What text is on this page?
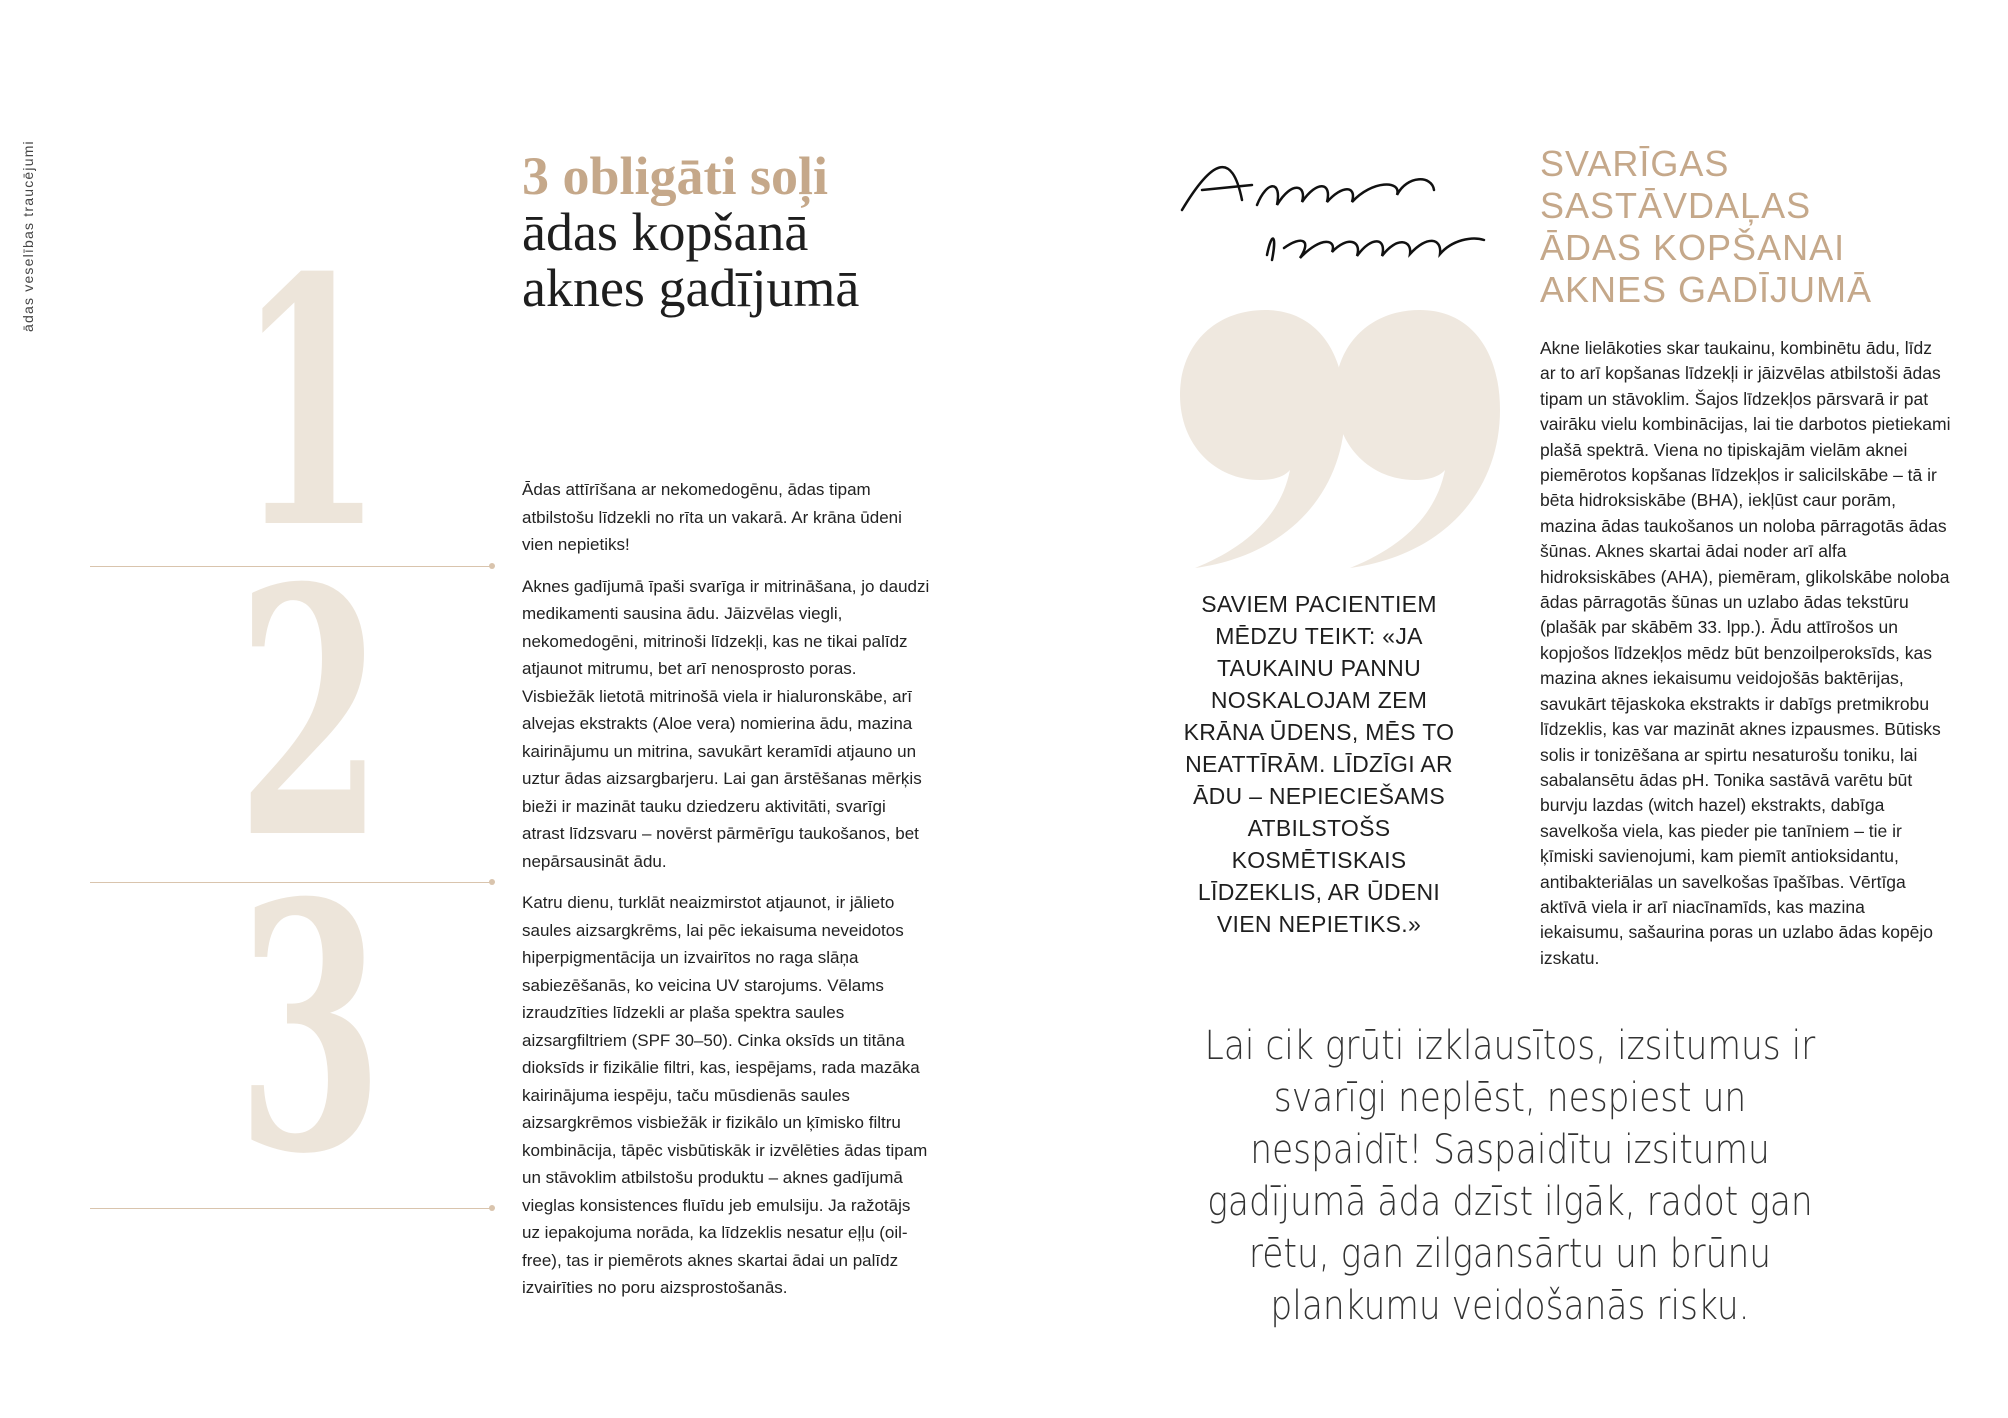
ādas veselības traucējumi 1
2
3
3 obligāti soļi ādas kopšanā aknes gadījumā

Ādas attīrīšana ar nekomedogēnu, ādas tipam atbilstošu līdzekli no rīta un vakarā. Ar krāna ūdeni vien nepietiks!

Aknes gadījumā īpaši svarīga ir mitrināšana, jo daudzi medikamenti sausina ādu. Jāizvēlas viegli, nekomedogēni, mitrinoši līdzekļi, kas ne tikai palīdz atjaunot mitrumu, bet arī nenosprosto poras. Visbiežāk lietotā mitrinošā viela ir hialuronskābe, arī alvejas ekstrakts (Aloe vera) nomierina ādu, mazina kairinājumu un mitrina, savukārt keramīdi atjauno un uztur ādas aizsargbarjeru. Lai gan ārstēšanas mērķis bieži ir mazināt tauku dziedzeru aktivitāti, svarīgi atrast līdzsvaru – novērst pārmērīgu taukošanos, bet nepārsausināt ādu.

Katru dienu, turklāt neaizmirstot atjaunot, ir jālieto saules aizsargkrēms, lai pēc iekaisuma neveidotos hiperpigmentācija un izvairītos no raga slāņa sabiezēšanās, ko veicina UV starojums. Vēlams izraudzīties līdzekli ar plaša spektra saules aizsargfiltriem (SPF 30–50). Cinka oksīds un titāna dioksīds ir fizikālie filtri, kas, iespējams, rada mazāka kairinājuma iespēju, taču mūsdienās saules aizsargkrēmos visbiežāk ir fizikālo un ķīmisko filtru kombinācija, tāpēc visbūtiskāk ir izvēlēties ādas tipam un stāvoklim atbilstošu produktu – aknes gadījumā vieglas konsistences fluīdu jeb emulsiju. Ja ražotājs uz iepakojuma norāda, ka līdzeklis nesatur eļļu (oil-free), tas ir piemērots aknes skartai ādai un palīdz izvairīties no poru aizsprostošanās.

SAVIEM PACIENTIEM MĒDZU TEIKT: «JA TAUKAINU PANNU NOSKALOJAM ZEM KRĀNA ŪDENS, MĒS TO NEATTĪRĀM. LĪDZĪGI AR ĀDU – NEPIECIEŠAMS ATBILSTOŠS KOSMĒTISKAIS LĪDZEKLIS, AR ŪDENI VIEN NEPIETIKS.»
SVARĪGAS SASTĀVDAĻAS ĀDAS KOPŠANAI AKNES GADĪJUMĀ
Akne lielākoties skar taukainu, kombinētu ādu, līdz ar to arī kopšanas līdzekļi ir jāizvēlas atbilstoši ādas tipam un stāvoklim. Šajos līdzekļos pārsvarā ir pat vairāku vielu kombinācijas, lai tie darbotos pietiekami plašā spektrā. Viena no tipiskajām vielām aknei piemērotos kopšanas līdzekļos ir salicilskābe – tā ir bēta hidroksiskābe (BHA), iekļūst caur porām, mazina ādas taukošanos un noloba pārragotās ādas šūnas. Aknes skartai ādai noder arī alfa hidroksiskābes (AHA), piemēram, glikolskābe noloba ādas pārragotās šūnas un uzlabo ādas tekstūru (plašāk par skābēm 33. lpp.). Ādu attīrošos un kopjošos līdzekļos mēdz būt benzoilperoksīds, kas mazina aknes iekaisumu veidojošās baktērijas, savukārt tējaskoka ekstrakts ir dabīgs pretmikrobu līdzeklis, kas var mazināt aknes izpausmes. Būtisks solis ir tonizēšana ar spirtu nesaturošu toniku, lai sabalansētu ādas pH. Tonika sastāvā varētu būt burvju lazdas (witch hazel) ekstrakts, dabīga savelkoša viela, kas pieder pie tanīniem – tie ir ķīmiski savienojumi, kam piemīt antioksidantu, antibakteriālas un savelkošas īpašības. Vērtīga aktīvā viela ir arī niacīnamīds, kas mazina iekaisumu, sašaurina poras un uzlabo ādas kopējo izskatu.
Lai cik grūti izklausītos, izsitumus ir svarīgi neplēst, nespiest un nespaidīt! Saspaidītu izsitumu gadījumā āda dzīst ilgāk, radot gan rētu, gan zilgansārtu un brūnu plankumu veidošanās risku.
